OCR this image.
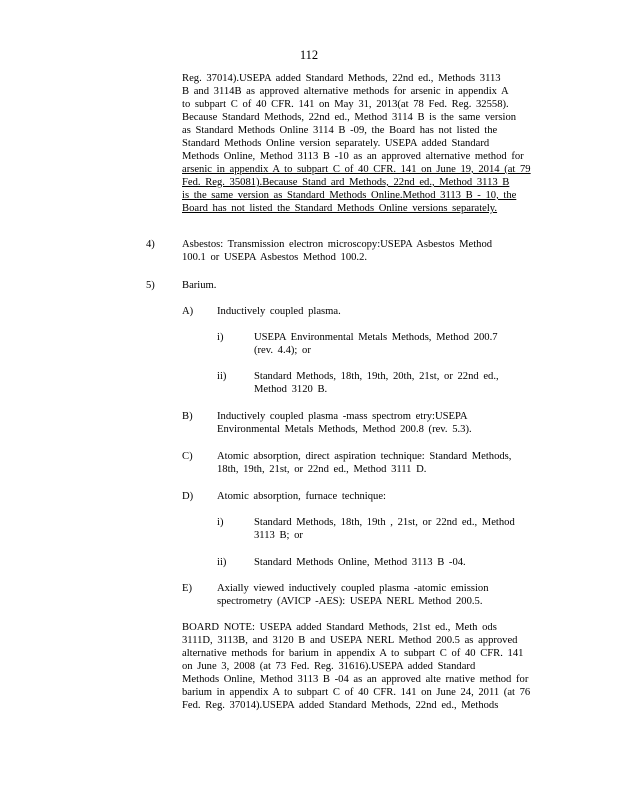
112
Reg. 37014).USEPA added Standard Methods, 22nd ed., Methods 3113
B and 3114B as approved alternative methods for arsenic in appendix A
to subpart C of 40 CFR. 141 on May 31, 2013(at 78 Fed. Reg. 32558).
Because Standard Methods, 22nd ed., Method 3114 B is the same version
as Standard Methods Online 3114 B -09, the Board has not listed the
Standard Methods Online version separately. USEPA added Standard
Methods Online, Method 3113 B -10 as an approved alternative method for
arsenic in appendix A to subpart C of 40 CFR. 141 on June 19, 2014 (at 79
Fed. Reg. 35081).Because Stand ard Methods, 22nd ed., Method 3113 B
is the same version as Standard Methods Online.Method 3113 B - 10, the
Board has not listed the Standard Methods Online versions separately.
4)	Asbestos: Transmission electron microscopy:USEPA Asbestos Method
100.1 or USEPA Asbestos Method 100.2.
5)	Barium.
A) Inductively coupled plasma.
i)	USEPA Environmental Metals Methods, Method 200.7
(rev. 4.4); or
ii)	Standard Methods, 18th, 19th, 20th, 21st, or 22nd ed.,
Method 3120 B.
B) Inductively coupled plasma -mass spectrom etry:USEPA
Environmental Metals Methods, Method 200.8 (rev. 5.3).
C) Atomic absorption, direct aspiration technique: Standard Methods,
18th, 19th, 21st, or 22nd ed., Method 3111 D.
D) Atomic absorption, furnace technique:
i)	Standard Methods, 18th, 19th , 21st, or 22nd ed., Method
3113 B; or
ii)	Standard Methods Online, Method 3113 B -04.
E) Axially viewed inductively coupled plasma -atomic emission
spectrometry (AVICP -AES): USEPA NERL Method 200.5.
BOARD NOTE: USEPA added Standard Methods, 21st ed., Meth ods
3111D, 3113B, and 3120 B and USEPA NERL Method 200.5 as approved
alternative methods for barium in appendix A to subpart C of 40 CFR. 141
on June 3, 2008 (at 73 Fed. Reg. 31616).USEPA added Standard
Methods Online, Method 3113 B -04 as an approved alte rnative method for
barium in appendix A to subpart C of 40 CFR. 141 on June 24, 2011 (at 76
Fed. Reg. 37014).USEPA added Standard Methods, 22nd ed., Methods
